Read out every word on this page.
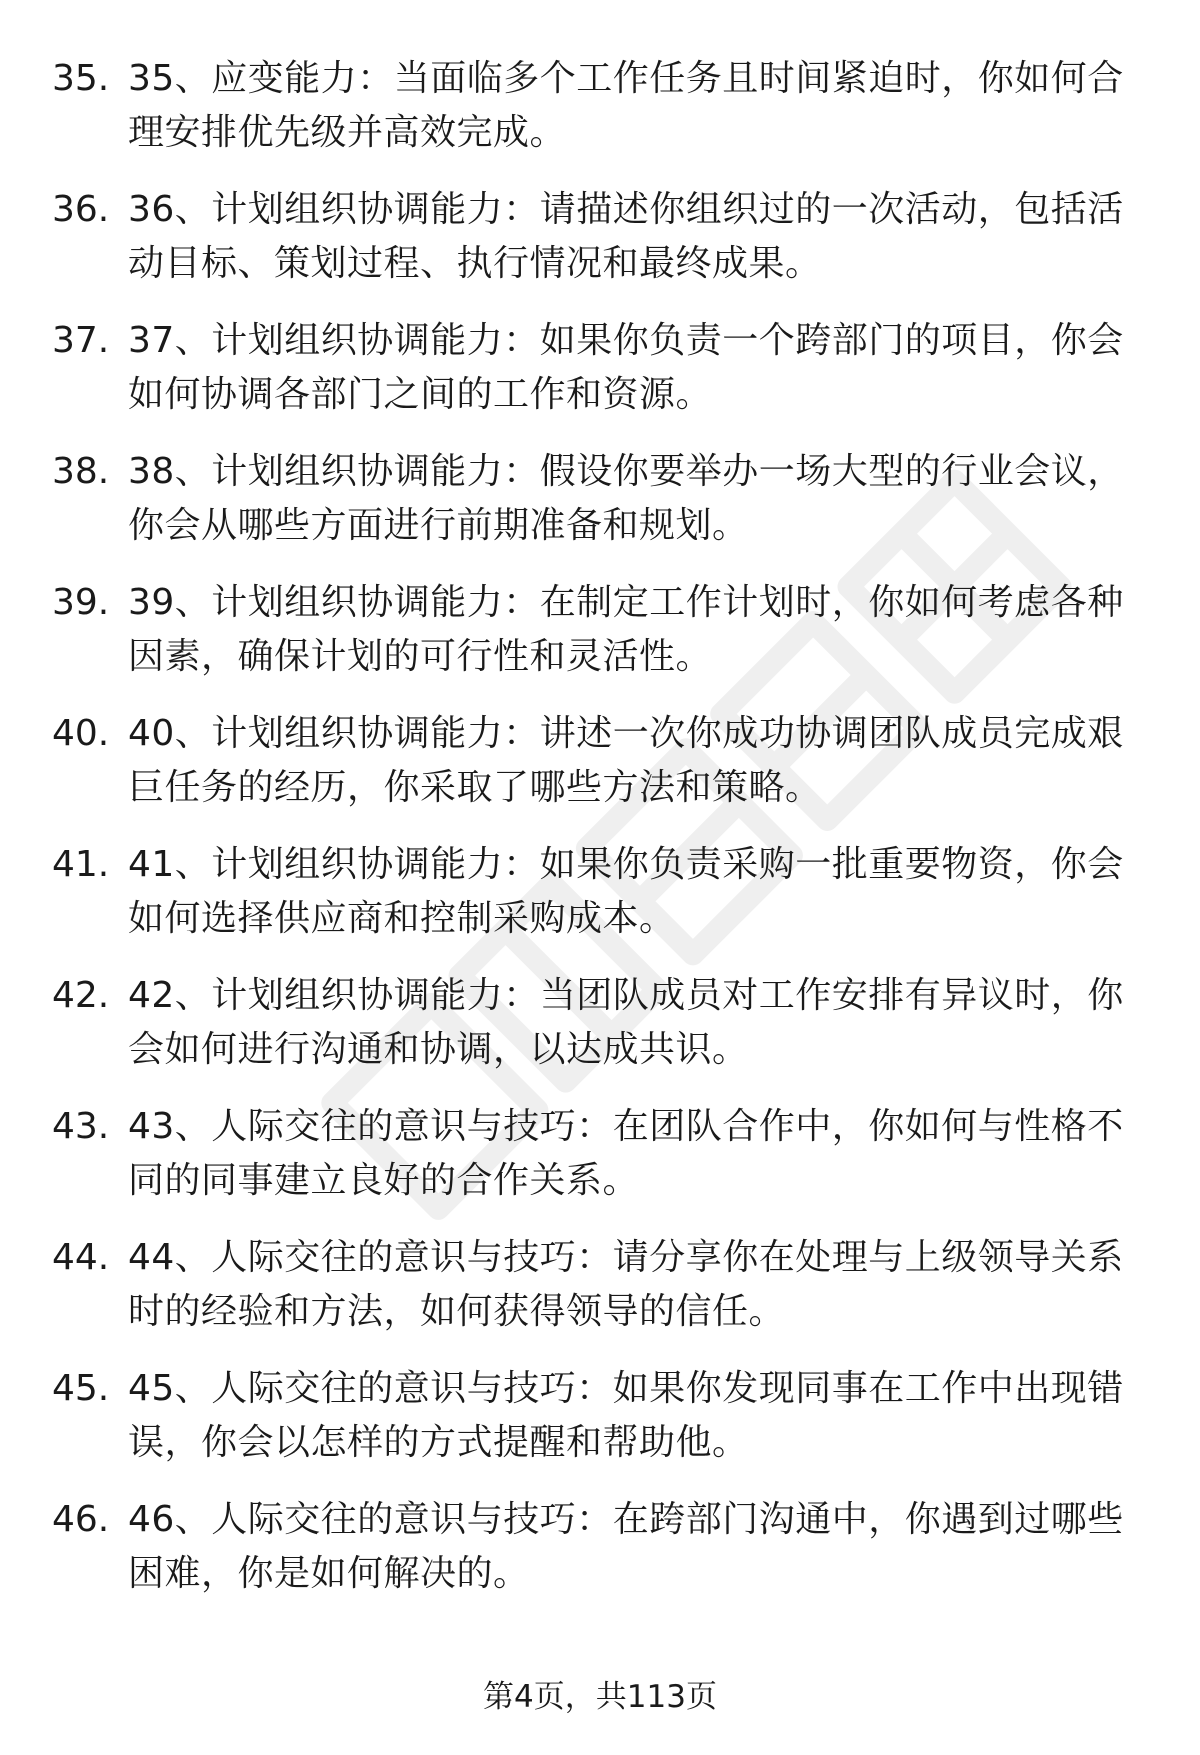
35. 35、应变能力：当面临多个工作任务且时间紧迫时，你如何合理安排优先级并高效完成。
36. 36、计划组织协调能力：请描述你组织过的一次活动，包括活动目标、策划过程、执行情况和最终成果。
37. 37、计划组织协调能力：如果你负责一个跨部门的项目，你会如何协调各部门之间的工作和资源。
38. 38、计划组织协调能力：假设你要举办一场大型的行业会议，你会从哪些方面进行前期准备和规划。
39. 39、计划组织协调能力：在制定工作计划时，你如何考虑各种因素，确保计划的可行性和灵活性。
40. 40、计划组织协调能力：讲述一次你成功协调团队成员完成艰巨任务的经历，你采取了哪些方法和策略。
41. 41、计划组织协调能力：如果你负责采购一批重要物资，你会如何选择供应商和控制采购成本。
42. 42、计划组织协调能力：当团队成员对工作安排有异议时，你会如何进行沟通和协调，以达成共识。
43. 43、人际交往的意识与技巧：在团队合作中，你如何与性格不同的同事建立良好的合作关系。
44. 44、人际交往的意识与技巧：请分享你在处理与上级领导关系时的经验和方法，如何获得领导的信任。
45. 45、人际交往的意识与技巧：如果你发现同事在工作中出现错误，你会以怎样的方式提醒和帮助他。
46. 46、人际交往的意识与技巧：在跨部门沟通中，你遇到过哪些困难，你是如何解决的。
第4页，共113页
